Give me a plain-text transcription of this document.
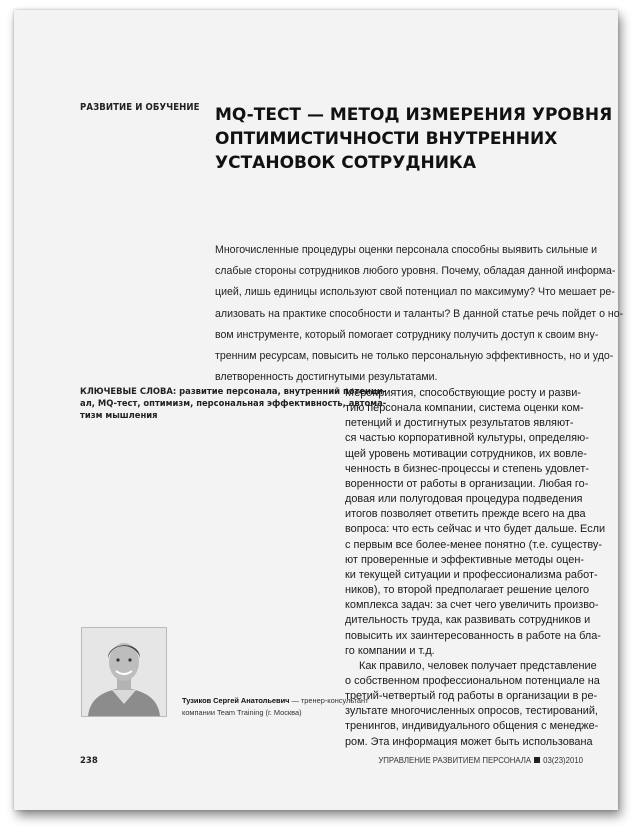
РАЗВИТИЕ И ОБУЧЕНИЕ MQ-ТЕСТ — МЕТОД ИЗМЕРЕНИЯ УРОВНЯ
ОПТИМИСТИЧНОСТИ ВНУТРЕННИХ
УСТАНОВОК СОТРУДНИКА
Многочисленные процедуры оценки персонала способны выявить сильные и
слабые стороны сотрудников любого уровня. Почему, обладая данной информа-
цией, лишь единицы используют свой потенциал по максимуму? Что мешает ре-
ализовать на практике способности и таланты? В данной статье речь пойдет о но-
вом инструменте, который помогает сотруднику получить доступ к своим вну-
тренним ресурсам, повысить не только персональную эффективность, но и удо-
влетворенность достигнутыми результатами.
КЛЮЧЕВЫЕ СЛОВА: развитие персонала, внутренний потенци-
ал, MQ-тест, оптимизм, персональная эффективность, автома-
тизм мышления
Тузиков Сергей Анатольевич — тренер-консультант
компании Team Training (г. Москва)
Мероприятия, способствующие росту и разви-
тию персонала компании, система оценки ком-
петенций и достигнутых результатов являют-
ся частью корпоративной культуры, определяю-
щей уровень мотивации сотрудников, их вовле-
ченность в бизнес-процессы и степень удовлет-
воренности от работы в организации. Любая го-
довая или полугодовая процедура подведения
итогов позволяет ответить прежде всего на два
вопроса: что есть сейчас и что будет дальше. Если
с первым все более-менее понятно (т.е. существу-
ют проверенные и эффективные методы оцен-
ки текущей ситуации и профессионализма работ-
ников), то второй предполагает решение целого
комплекса задач: за счет чего увеличить произво-
дительность труда, как развивать сотрудников и
повысить их заинтересованность в работе на бла-
го компании и т.д.
Как правило, человек получает представление
о собственном профессиональном потенциале на
третий-четвертый год работы в организации в ре-
зультате многочисленных опросов, тестирований,
тренингов, индивидуального общения с менедже-
ром. Эта информация может быть использована
238	УПРАВЛЕНИЕ РАЗВИТИЕМ ПЕРСОНАЛА 03(23)2010
